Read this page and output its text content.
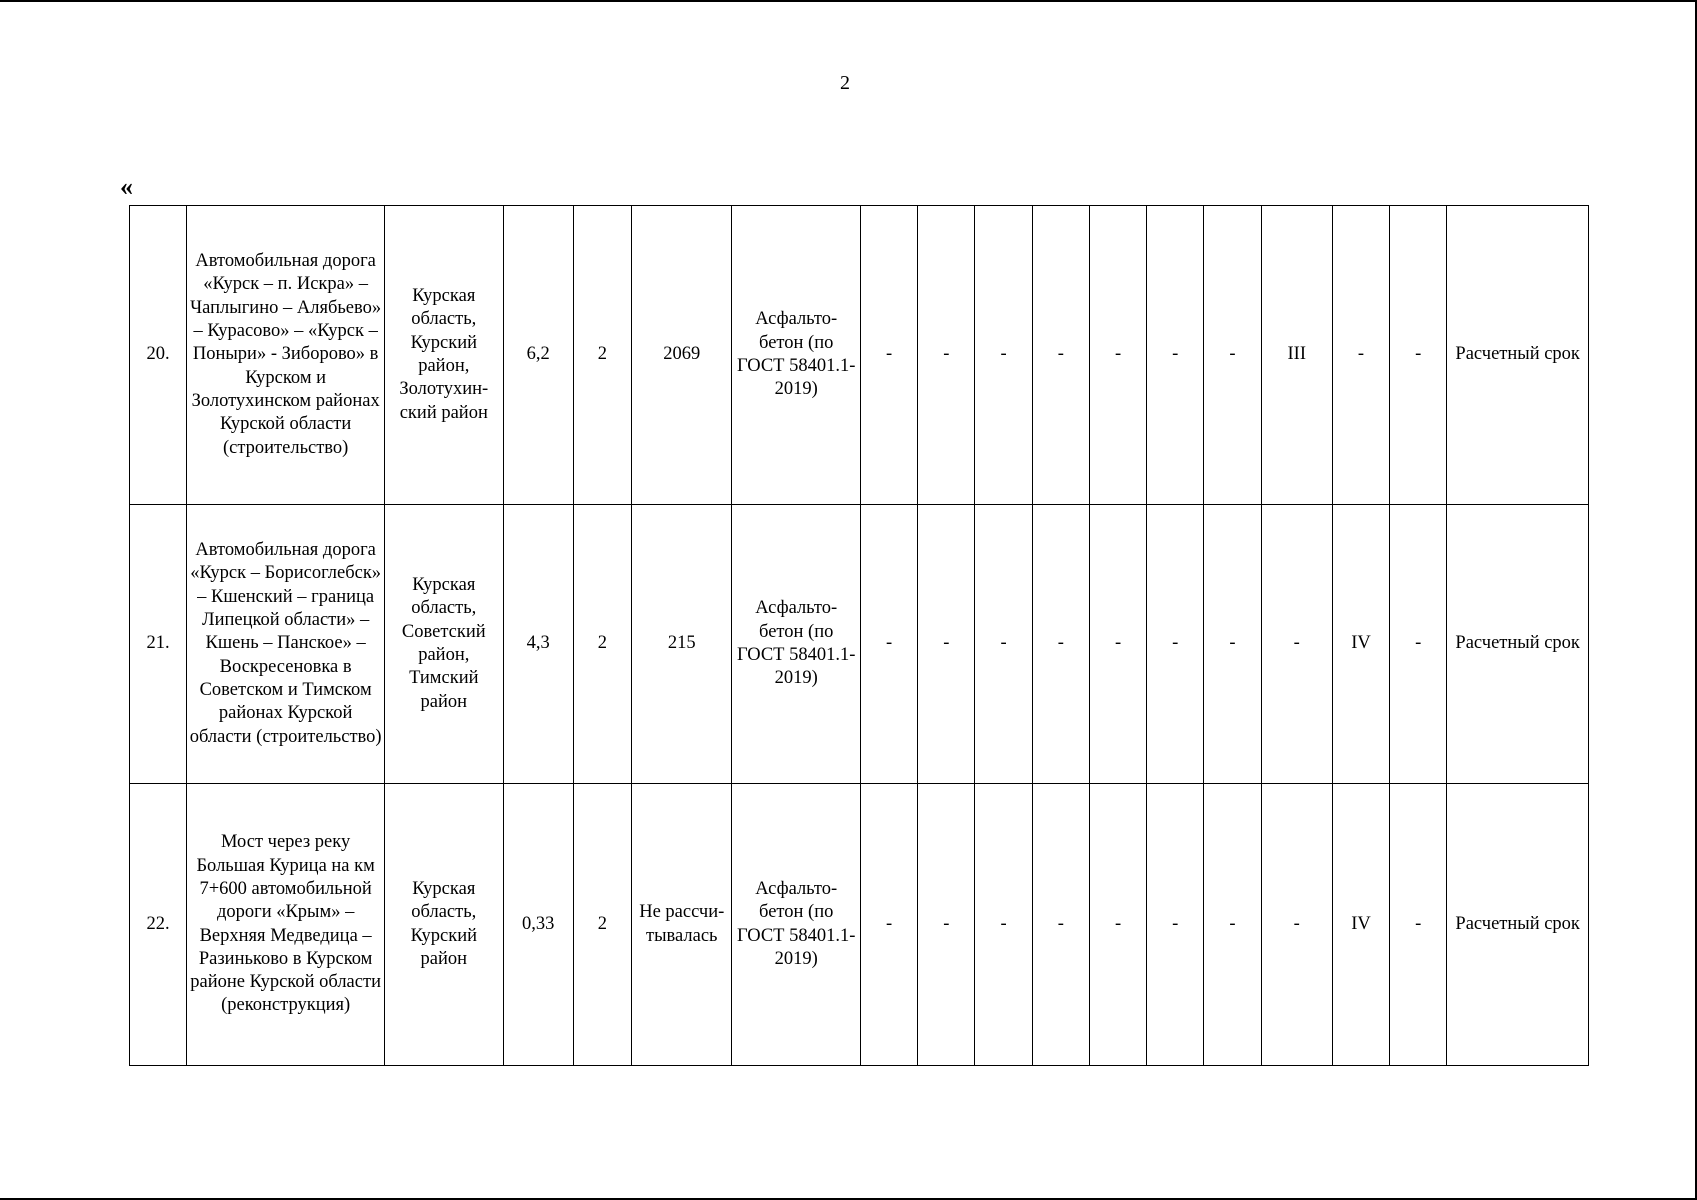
2
«
20.	Автомобильная дорога «Курск – п. Искра» – Чаплыгино – Алябьево» – Курасово» – «Курск – Поныри» - Зиборово» в Курском и Золотухинском районах Курской области (строительство)	Курская область, Курский район, Золотухин-ский район	6,2	2	2069	Асфальто-бетон (по ГОСТ 58401.1-2019)	-	-	-	-	-	-	-	III	-	-	Расчетный срок
21.	Автомобильная дорога «Курск – Борисоглебск» – Кшенский – граница Липецкой области» – Кшень – Панское» – Воскресеновка в Советском и Тимском районах Курской области (строительство)	Курская область, Советский район, Тимский район	4,3	2	215	Асфальто-бетон (по ГОСТ 58401.1-2019)	-	-	-	-	-	-	-	-	IV	-	Расчетный срок
22.	Мост через реку Большая Курица на км 7+600 автомобильной дороги «Крым» – Верхняя Медведица – Разиньково в Курском районе Курской области (реконструкция)	Курская область, Курский район	0,33	2	Не рассчи-тывалась	Асфальто-бетон (по ГОСТ 58401.1-2019)	-	-	-	-	-	-	-	-	IV	-	Расчетный срок
